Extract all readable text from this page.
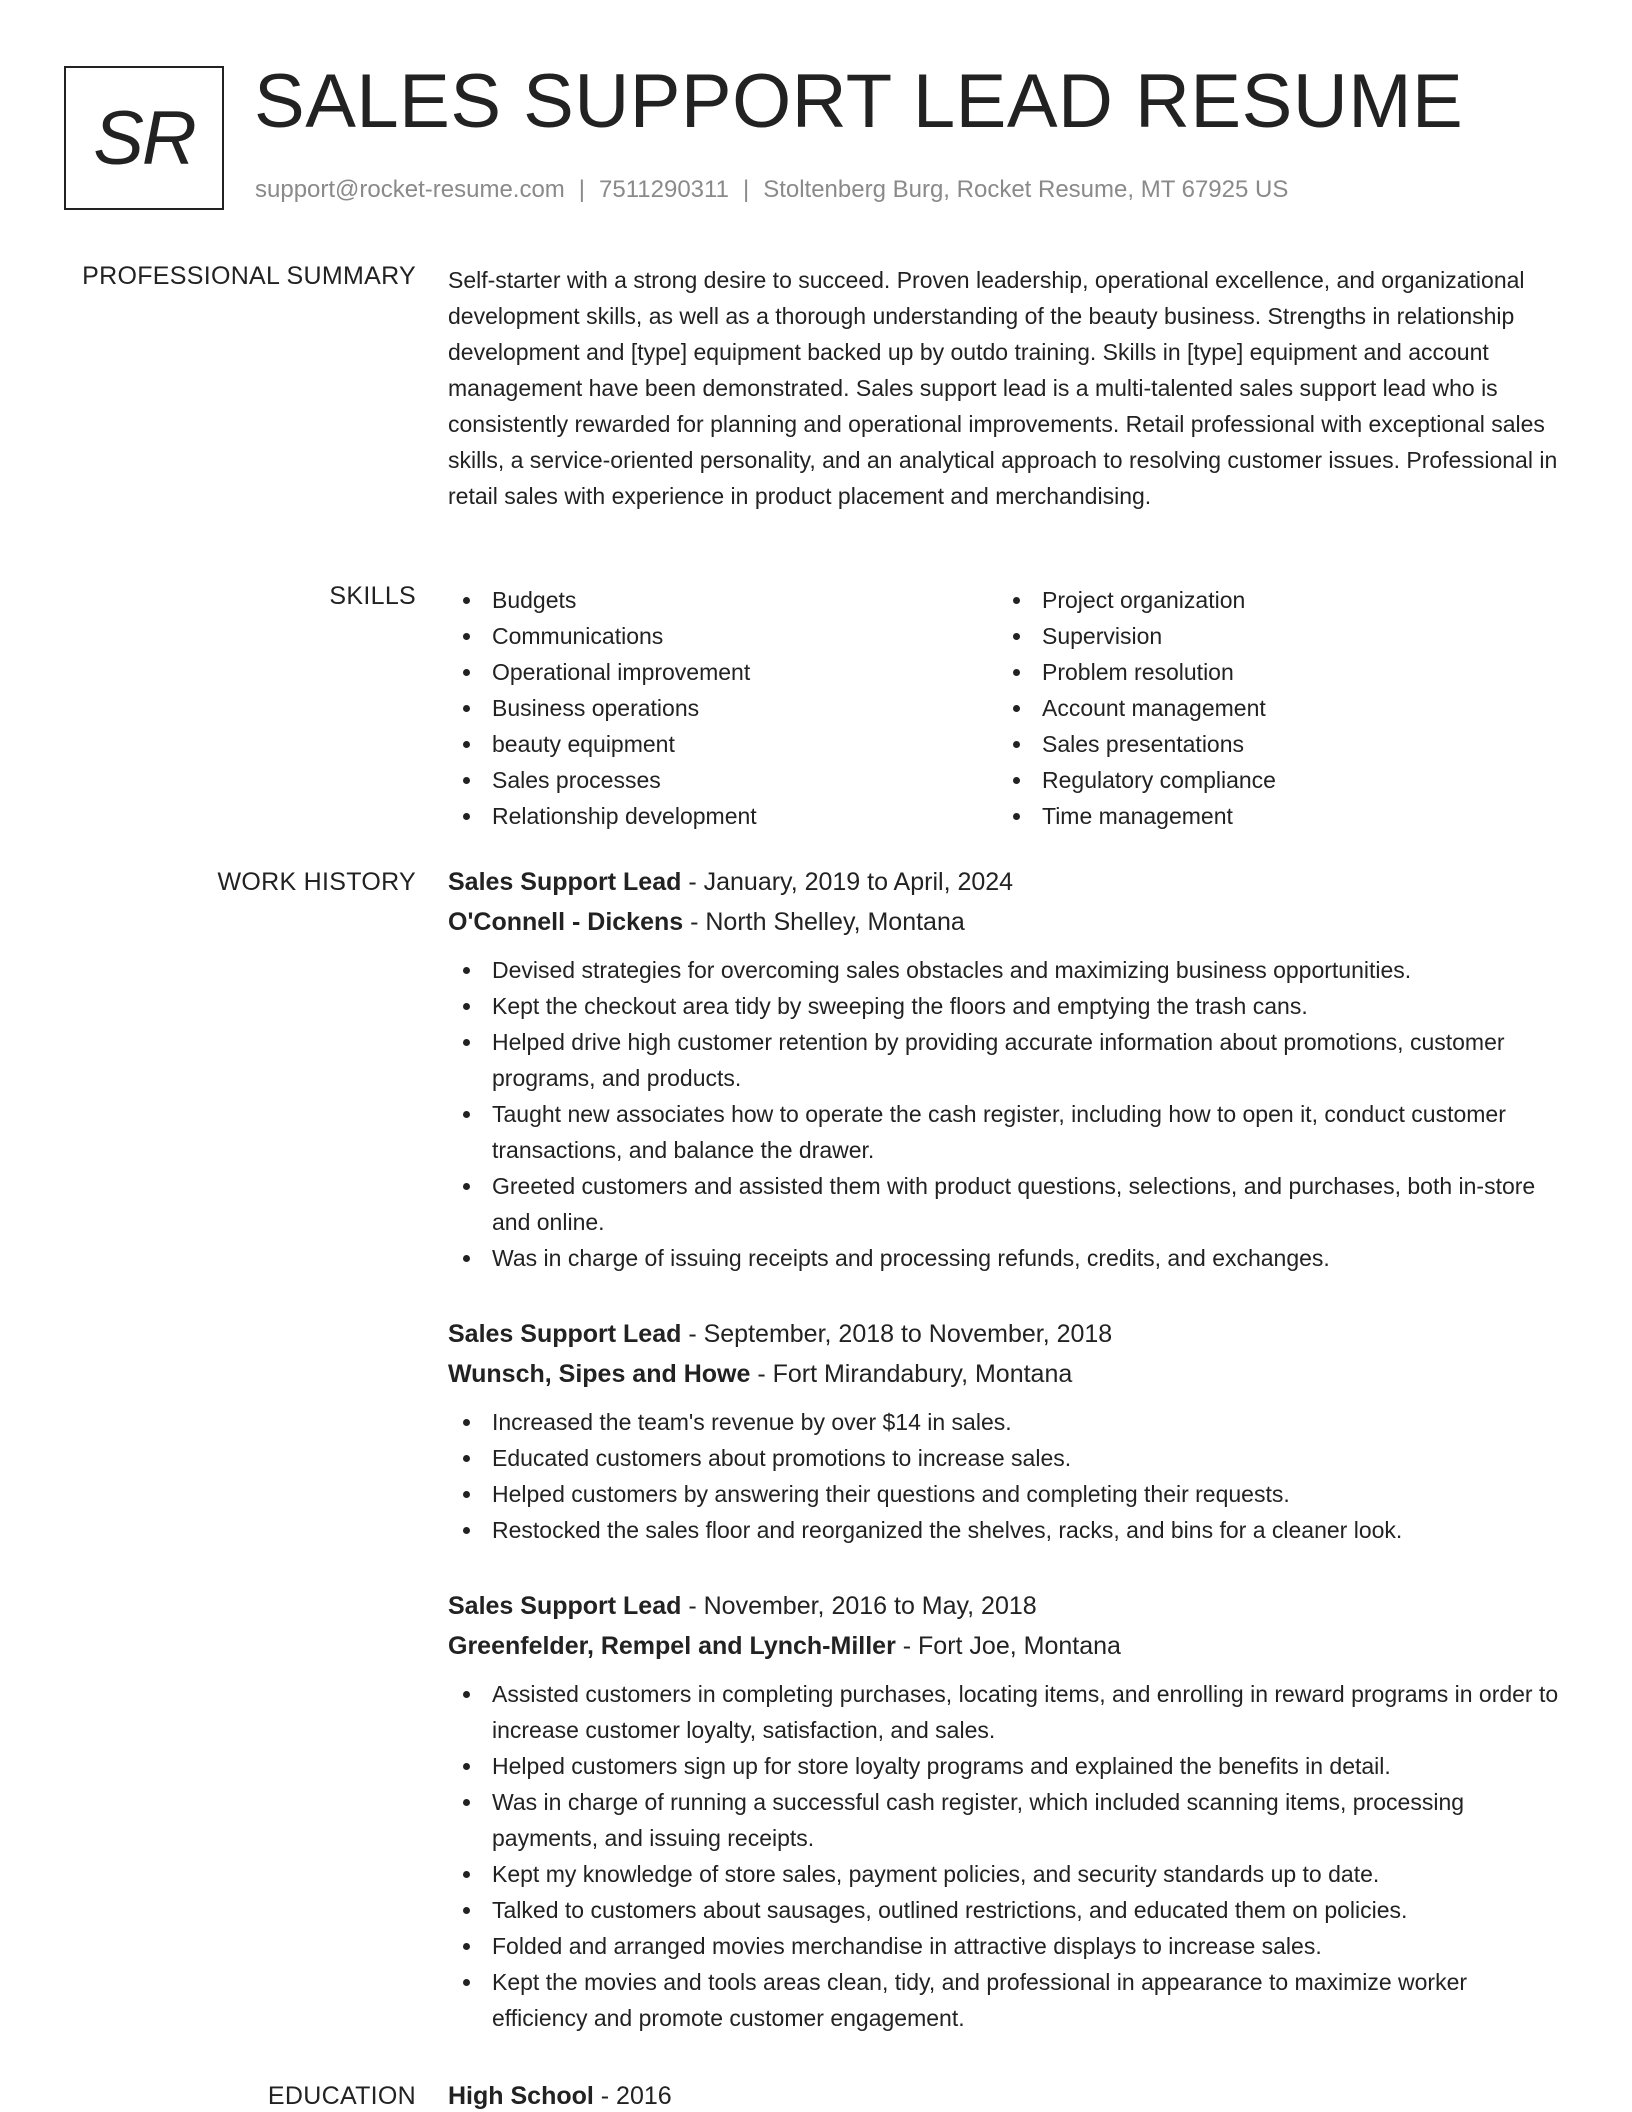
SR SALES SUPPORT LEAD RESUME
support@rocket-resume.com | 7511290311 | Stoltenberg Burg, Rocket Resume, MT 67925 US
PROFESSIONAL SUMMARY Self-starter with a strong desire to succeed. Proven leadership, operational excellence, and organizational development skills, as well as a thorough understanding of the beauty business. Strengths in relationship development and [type] equipment backed up by outdo training. Skills in [type] equipment and account management have been demonstrated. Sales support lead is a multi-talented sales support lead who is consistently rewarded for planning and operational improvements. Retail professional with exceptional sales skills, a service-oriented personality, and an analytical approach to resolving customer issues. Professional in retail sales with experience in product placement and merchandising.
SKILLS	Budgets
Communications
Operational improvement
Business operations
beauty equipment
Sales processes
Relationship development
Project organization
Supervision
Problem resolution
Account management
Sales presentations
Regulatory compliance
Time management
WORK HISTORY Sales Support Lead - January, 2019 to April, 2024
O'Connell - Dickens - North Shelley, Montana
Devised strategies for overcoming sales obstacles and maximizing business opportunities.
Kept the checkout area tidy by sweeping the floors and emptying the trash cans.
Helped drive high customer retention by providing accurate information about promotions, customer programs, and products.
Taught new associates how to operate the cash register, including how to open it, conduct customer transactions, and balance the drawer.
Greeted customers and assisted them with product questions, selections, and purchases, both in-store and online.
Was in charge of issuing receipts and processing refunds, credits, and exchanges.
Sales Support Lead - September, 2018 to November, 2018
Wunsch, Sipes and Howe - Fort Mirandabury, Montana
Increased the team's revenue by over $14 in sales.
Educated customers about promotions to increase sales.
Helped customers by answering their questions and completing their requests.
Restocked the sales floor and reorganized the shelves, racks, and bins for a cleaner look.
Sales Support Lead - November, 2016 to May, 2018
Greenfelder, Rempel and Lynch-Miller - Fort Joe, Montana
Assisted customers in completing purchases, locating items, and enrolling in reward programs in order to increase customer loyalty, satisfaction, and sales.
Helped customers sign up for store loyalty programs and explained the benefits in detail.
Was in charge of running a successful cash register, which included scanning items, processing payments, and issuing receipts.
Kept my knowledge of store sales, payment policies, and security standards up to date.
Talked to customers about sausages, outlined restrictions, and educated them on policies.
Folded and arranged movies merchandise in attractive displays to increase sales.
Kept the movies and tools areas clean, tidy, and professional in appearance to maximize worker efficiency and promote customer engagement.
EDUCATION High School - 2016
